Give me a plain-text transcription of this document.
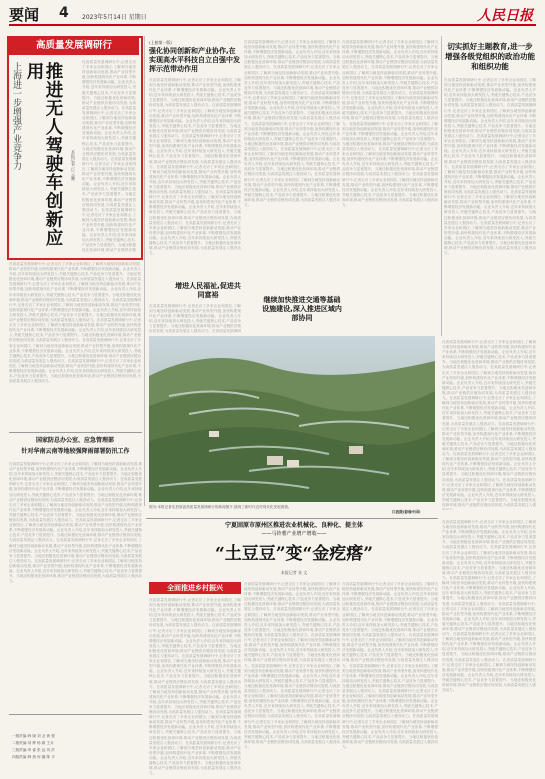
要闻 4 2023年5月14日 星期日	人民日报
高质量发展调研行
上海进一步增强产业竞争力	推进无人驾驶车创新应用
本报记者 巨 云鹏
在高质量发展调研行中,记者走访了多家企业和园区,了解到当地坚持创新驱动发展,推动产业转型升级,加快构建现代化产业体系,不断增强经济发展新动能。企业负责人介绍,近年来持续加大研发投入,突破关键核心技术,产品竞争力显著提升。当地还积极优化营商环境,推动产业链供应链协同发展,为高质量发展注入强劲动力。在高质量发展调研行中,记者走访了多家企业和园区,了解到当地坚持创新驱动发展,推动产业转型升级,加快构建现代化产业体系,不断增强经济发展新动能。企业负责人介绍,近年来持续加大研发投入,突破关键核心技术,产品竞争力显著提升。当地还积极优化营商环境,推动产业链供应链协同发展,为高质量发展注入强劲动力。在高质量发展调研行中,记者走访了多家企业和园区,了解到当地坚持创新驱动发展,推动产业转型升级,加快构建现代化产业体系,不断增强经济发展新动能。企业负责人介绍,近年来持续加大研发投入,突破关键核心技术,产品竞争力显著提升。当地还积极优化营商环境,推动产业链供应链协同发展,为高质量发展注入强劲动力。在高质量发展调研行中,记者走访了多家企业和园区,了解到当地坚持创新驱动发展,推动产业转型升级,加快构建现代化产业体系,不断增强经济发展新动能。企业负责人介绍,近年来持续加大研发投入,突破关键核心技术,产品竞争力显著提升。当地还积极优化营商环境,推动产业链供应链
在高质量发展调研行中,记者走访了多家企业和园区,了解到当地坚持创新驱动发展,推动产业转型升级,加快构建现代化产业体系,不断增强经济发展新动能。企业负责人介绍,近年来持续加大研发投入,突破关键核心技术,产品竞争力显著提升。当地还积极优化营商环境,推动产业链供应链协同发展,为高质量发展注入强劲动力。在高质量发展调研行中,记者走访了多家企业和园区,了解到当地坚持创新驱动发展,推动产业转型升级,加快构建现代化产业体系,不断增强经济发展新动能。企业负责人介绍,近年来持续加大研发投入,突破关键核心技术,产品竞争力显著提升。当地还积极优化营商环境,推动产业链供应链协同发展,为高质量发展注入强劲动力。在高质量发展调研行中,记者走访了多家企业和园区,了解到当地坚持创新驱动发展,推动产业转型升级,加快构建现代化产业体系,不断增强经济发展新动能。企业负责人介绍,近年来持续加大研发投入,突破关键核心技术,产品竞争力显著提升。当地还积极优化营商环境,推动产业链供应链协同发展,为高质量发展注入强劲动力。在高质量发展调研行中,记者走访了多家企业和园区,了解到当地坚持创新驱动发展,推动产业转型升级,加快构建现代化产业体系,不断增强经济发展新动能。企业负责人介绍,近年来持续加大研发投入,突破关键核心技术,产品竞争力显著提升。当地还积极优化营商环境,推动产业链供应链协同发展,为高质量发展注入强劲动力。在高质量发展调研行中,记者走访了多家企业和园区,了解到当地坚持创新驱动发展,推动产业转型升级,加快构建现代化产业体系,不断增强经济发展新动能。企业负责人介绍,近年来持续加大研发投入,突破关键核心技术,产品竞争力显著提升。当地还积极优化营商环境,推动产业链供应链协同发展,为高质量发展注入强劲动力。在高质量发展调研行中,记者走访了多家企业和园区,了解到当地坚持创新驱动发展,推动产业转型升级,加快构建现代化产业体系,不断增强经济发展新动能。企业负责人介绍,近年来持续加大研发投入,突破关键核心技术,产品竞争力显著提升。当地还积极优化营商环境,推动产业链供应链协同发展,为高质量发展注入强劲动力。
(上接第一版)
强化协同创新和产业协作,在实现高水平科技自立自强中发挥示范带动作用
在高质量发展调研行中,记者走访了多家企业和园区,了解到当地坚持创新驱动发展,推动产业转型升级,加快构建现代化产业体系,不断增强经济发展新动能。企业负责人介绍,近年来持续加大研发投入,突破关键核心技术,产品竞争力显著提升。当地还积极优化营商环境,推动产业链供应链协同发展,为高质量发展注入强劲动力。在高质量发展调研行中,记者走访了多家企业和园区,了解到当地坚持创新驱动发展,推动产业转型升级,加快构建现代化产业体系,不断增强经济发展新动能。企业负责人介绍,近年来持续加大研发投入,突破关键核心技术,产品竞争力显著提升。当地还积极优化营商环境,推动产业链供应链协同发展,为高质量发展注入强劲动力。在高质量发展调研行中,记者走访了多家企业和园区,了解到当地坚持创新驱动发展,推动产业转型升级,加快构建现代化产业体系,不断增强经济发展新动能。企业负责人介绍,近年来持续加大研发投入,突破关键核心技术,产品竞争力显著提升。当地还积极优化营商环境,推动产业链供应链协同发展,为高质量发展注入强劲动力。在高质量发展调研行中,记者走访了多家企业和园区,了解到当地坚持创新驱动发展,推动产业转型升级,加快构建现代化产业体系,不断增强经济发展新动能。企业负责人介绍,近年来持续加大研发投入,突破关键核心技术,产品竞争力显著提升。当地还积极优化营商环境,推动产业链供应链协同发展,为高质量发展注入强劲动力。在高质量发展调研行中,记者走访了多家企业和园区,了解到当地坚持创新驱动发展,推动产业转型升级,加快构建现代化产业体系,不断增强经济发展新动能。企业负责人介绍,近年来持续加大研发投入,突破关键核心技术,产品竞争力显著提升。当地还积极优化营商环境,推动产业链供应链协同发展,为高质量发展注入强劲动力。在高质量发展调研行中,记者走访了多家企业和园区,了解到当地坚持创新驱动发展,推动产业转型升级,加快构建现代化产业体系,不断增强经济发展新动能。企业负责人介绍,近年来持续加大研发投入,突破关键核心技术,产品竞争力显著提升。当地还积极优化营商环境,推动产业链供应链协同发展,为高质量发展注入强劲动力。
增进人民福祉,促进共同富裕
在高质量发展调研行中,记者走访了多家企业和园区,了解到当地坚持创新驱动发展,推动产业转型升级,加快构建现代化产业体系,不断增强经济发展新动能。企业负责人介绍,近年来持续加大研发投入,突破关键核心技术,产品竞争力显著提升。当地还积极优化营商环境,推动产业链供应链协同发展,为高质量发展注入强劲动力。在高质量发展调研
在高质量发展调研行中,记者走访了多家企业和园区,了解到当地坚持创新驱动发展,推动产业转型升级,加快构建现代化产业体系,不断增强经济发展新动能。企业负责人介绍,近年来持续加大研发投入,突破关键核心技术,产品竞争力显著提升。当地还积极优化营商环境,推动产业链供应链协同发展,为高质量发展注入强劲动力。在高质量发展调研行中,记者走访了多家企业和园区,了解到当地坚持创新驱动发展,推动产业转型升级,加快构建现代化产业体系,不断增强经济发展新动能。企业负责人介绍,近年来持续加大研发投入,突破关键核心技术,产品竞争力显著提升。当地还积极优化营商环境,推动产业链供应链协同发展,为高质量发展注入强劲动力。在高质量发展调研行中,记者走访了多家企业和园区,了解到当地坚持创新驱动发展,推动产业转型升级,加快构建现代化产业体系,不断增强经济发展新动能。企业负责人介绍,近年来持续加大研发投入,突破关键核心技术,产品竞争力显著提升。当地还积极优化营商环境,推动产业链供应链协同发展,为高质量发展注入强劲动力。在高质量发展调研行中,记者走访了多家企业和园区,了解到当地坚持创新驱动发展,推动产业转型升级,加快构建现代化产业体系,不断增强经济发展新动能。企业负责人介绍,近年来持续加大研发投入,突破关键核心技术,产品竞争力显著提升。当地还积极优化营商环境,推动产业链供应链协同发展,为高质量发展注入强劲动力。在高质量发展调研行中,记者走访了多家企业和园区,了解到当地坚持创新驱动发展,推动产业转型升级,加快构建现代化产业体系,不断增强经济发展新动能。企业负责人介绍,近年来持续加大研发投入,突破关键核心技术,产品竞争力显著提升。当地还积极优化营商环境,推动产业链供应链协同发展,为高质量发展注入强劲动力。在高质量发展调研行中,记者走访了多家企业和园区,了解到当地坚持创新驱动发展,推动产业转型升级,加快构建现代化产业体系,不断增强经济发展新动能。企业负责人介绍,近年来持续加大研发投入,突破关键核心技术,产品竞争力显著提升。当地还积极优化营商环境,推动产业链供应链协同发展,为高质量发展注入强劲动力。
继续加快推进交通等基础设施建设,深入推进区域内部协同
在高质量发展调研行中,记者走访了多家企业和园区,了解到当地坚持创新驱动发展,推动产业转型升级,加快构建现代化产业体系,不断增强经济发展新动能。企业负责人介绍,近年来持续加大研发投入,突破关键核心技术,产品竞争力显著提升。当地还积极优化营商环境,推动产业链供应链协同发展,为高质量发展注入强劲动力。在高质量发展调研行中,记者走访了多家企业和园区,了解到当地坚持创新驱动发展,推动产业转型升级,加快构建现代化产业体系,不断增强经济发展新动能。企业负责人介绍,近年来持续加大研发投入,突破关键核心技术,产品竞争力显著提升。当地还积极优化营商环境,推动产业链供应链协同发展,为高质量发展注入强劲动力。在高质量发展调研行中,记者走访了多家企业和园区,了解到当地坚持创新驱动发展,推动产业转型升级,加快构建现代化产业体系,不断增强经济发展新动能。企业负责人介绍,近年来持续加大研发投入,突破关键核心技术,产品竞争力显著提升。当地还积极优化营商环境,推动产业链供应链协同发展,为高质量发展注入强劲动力。在高质量发展调研行中,记者走访了多家企业和园区,了解到当地坚持创新驱动发展,推动产业转型升级,加快构建现代化产业体系,不断增强经济发展新动能。企业负责人介绍,近年来持续加大研发投入,突破关键核心技术,产品竞争力显著提升。当地还积极优化营商环境,推动产业链供应链协同发展,为高质量发展注入强劲动力。在高质量发展调研行中,记者走访了多家企业和园区,了解到当地坚持创新驱动发展,推动产业转型升级,加快构建现代化产业体系,不断增强经济发展新动能。企业负责人介绍,近年来持续加大研发投入,突破关键核心技术,产品竞争力显著提升。当地还积极优化营商环境,推动产业链供应链协同发展,为高质量发展注入强劲动力。在高质量发展调研行中,记者走访了多家企业和园区,了解到当地坚持创新驱动发展,推动产业转型升级,加快构建现代化产业体系,不断增强经济发展新动能。企业负责人介绍,近年来持续加大研发投入,突破关键核心技术,产品竞争力显著提升。当地还积极优化营商环境,推动产业链供应链协同发展,为高质量发展注入强劲动力。
切实抓好主题教育,进一步增强各级党组织的政治功能和组织功能
在高质量发展调研行中,记者走访了多家企业和园区,了解到当地坚持创新驱动发展,推动产业转型升级,加快构建现代化产业体系,不断增强经济发展新动能。企业负责人介绍,近年来持续加大研发投入,突破关键核心技术,产品竞争力显著提升。当地还积极优化营商环境,推动产业链供应链协同发展,为高质量发展注入强劲动力。在高质量发展调研行中,记者走访了多家企业和园区,了解到当地坚持创新驱动发展,推动产业转型升级,加快构建现代化产业体系,不断增强经济发展新动能。企业负责人介绍,近年来持续加大研发投入,突破关键核心技术,产品竞争力显著提升。当地还积极优化营商环境,推动产业链供应链协同发展,为高质量发展注入强劲动力。在高质量发展调研行中,记者走访了多家企业和园区,了解到当地坚持创新驱动发展,推动产业转型升级,加快构建现代化产业体系,不断增强经济发展新动能。企业负责人介绍,近年来持续加大研发投入,突破关键核心技术,产品竞争力显著提升。当地还积极优化营商环境,推动产业链供应链协同发展,为高质量发展注入强劲动力。在高质量发展调研行中,记者走访了多家企业和园区,了解到当地坚持创新驱动发展,推动产业转型升级,加快构建现代化产业体系,不断增强经济发展新动能。企业负责人介绍,近年来持续加大研发投入,突破关键核心技术,产品竞争力显著提升。当地还积极优化营商环境,推动产业链供应链协同发展,为高质量发展注入强劲动力。在高质量发展调研行中,记者走访了多家企业和园区,了解到当地坚持创新驱动发展,推动产业转型升级,加快构建现代化产业体系,不断增强经济发展新动能。企业负责人介绍,近年来持续加大研发投入,突破关键核心技术,产品竞争力显著提升。当地还积极优化营商环境,推动产业链供应链协同发展,为高质量发展注入强劲动力。在高质量发展调研行中,记者走访了多家企业和园区,了解到当地坚持创新驱动发展,推动产业转型升级,加快构建现代化产业体系,不断增强经济发展新动能。企业负责人介绍,近年来持续加大研发投入,突破关键核心技术,产品竞争力显著提升。当地还积极优化营商环境,推动产业链供应链协同发展,为高质量发展注入强劲动力。
图为:本报记者实拍原创高质量发展调研行的新闻图片,展现了新时代农村现代化发展面貌。
江波摄(影像中国)
在高质量发展调研行中,记者走访了多家企业和园区,了解到当地坚持创新驱动发展,推动产业转型升级,加快构建现代化产业体系,不断增强经济发展新动能。企业负责人介绍,近年来持续加大研发投入,突破关键核心技术,产品竞争力显著提升。当地还积极优化营商环境,推动产业链供应链协同发展,为高质量发展注入强劲动力。在高质量发展调研行中,记者走访了多家企业和园区,了解到当地坚持创新驱动发展,推动产业转型升级,加快构建现代化产业体系,不断增强经济发展新动能。企业负责人介绍,近年来持续加大研发投入,突破关键核心技术,产品竞争力显著提升。当地还积极优化营商环境,推动产业链供应链协同发展,为高质量发展注入强劲动力。在高质量发展调研行中,记者走访了多家企业和园区,了解到当地坚持创新驱动发展,推动产业转型升级,加快构建现代化产业体系,不断增强经济发展新动能。企业负责人介绍,近年来持续加大研发投入,突破关键核心技术,产品竞争力显著提升。当地还积极优化营商环境,推动产业链供应链协同发展,为高质量发展注入强劲动力。在高质量发展调研行中,记者走访了多家企业和园区,了解到当地坚持创新驱动发展,推动产业转型升级,加快构建现代化产业体系,不断增强经济发展新动能。企业负责人介绍,近年来持续加大研发投入,突破关键核心技术,产品竞争力显著提升。当地还积极优化营商环境,推动产业链供应链协同发展,为高质量发展注入强劲动力。在高质量发展调研行中,记者走访了多家企业和园区,了解到当地坚持创新驱动发展,推动产业转型升级,加快构建现代化产业体系,不断增强经济发展新动能。企业负责人介绍,近年来持续加大研发投入,突破关键核心技术,产品竞争力显著提升。当地还积极优化营商环境,推动产业链供应链协同发展,为高质量发展注入强劲动力。在高质量发展调研行中,记者走访了多家企业和园区,了解到当地坚持创新驱动发展,推动产业转型升级,加快构建现代化产业体系,不断增强经济发展新动能。企业负责人介绍,近年来持续加大研发投入,突破关键核心技术,产品竞争力显著提升。当地还积极优化营商环境,推动产业链供应链协同发展,为高质量发展注入强
在高质量发展调研行中,记者走访了多家企业和园区,了解到当地坚持创新驱动发展,推动产业转型升级,加快构建现代化产业体系,不断增强经济发展新动能。企业负责人介绍,近年来持续加大研发投入,突破关键核心技术,产品竞争力显著提升。当地还积极优化营商环境,推动产业链供应链协同发展,为高质量发展注入强劲动力。在高质量发展调研行中,记者走访了多家企业和园区,了解到当地坚持创新驱动发展,推动产业转型升级,加快构建现代化产业体系,不断增强经济发展新动能。企业负责人介绍,近年来持续加大研发投入,突破关键核心技术,产品竞争力显著提升。当地还积极优化营商环境,推动产业链供应链协同发展,为高质量发展注入强劲动力。在高质量发展调研行中,记者走访了多家企业和园区,了解到当地坚持创新驱动发展,推动产业转型升级,加快构建现代化产业体系,不断增强经济发展新动能。企业负责人介绍,近年来持续加大研发投入,突破关键核心技术,产品竞争力显著提升。当地还积极优化营商环境,推动产业链供应链协同发展,为高质量发展注入强劲动力。在高质量发展调研行中,记者走访了多家企业和园区,了解到当地坚持创新驱动发展,推动产业转型升级,加快构建现代化产业体系,不断增强经济发展新动能。企业负责人介绍,近年来持续加大研发投入,突破关键核心技术,产品竞争力显著提升。当地还积极优化营商环境,推动产业链供应链协同发展,为高质量发展注入强劲动力。在高质量发展调研行中,记者走访了多家企业和园区,了解到当地坚持创新驱动发展,推动产业转型升级,加快构建现代化产业体系,不断增强经济发展新动能。企业负责人介绍,近年来持续加大研发投入,突破关键核心技术,产品竞争力显著提升。当地还积极优化营商环境,推动产业链供应链协同发展,为高质量发展注入强劲动力。在高质量发展调研行中,记者走访了多家企业和园区,了解到当地坚持创新驱动发展,推动产业转型升级,加快构建现代化产业体系,不断增强经济发展新动能。企业负责人介绍,近年来持续加大研发投入,突破关键核心技术,产品竞争力显著提升。当地还积极优化营商环境,推动产业链供应链协同发展,为高质量发展注入强劲动力。
国家防总办公室、应急管理部
针对华南云南等地较强降雨部署防汛工作
在高质量发展调研行中,记者走访了多家企业和园区,了解到当地坚持创新驱动发展,推动产业转型升级,加快构建现代化产业体系,不断增强经济发展新动能。企业负责人介绍,近年来持续加大研发投入,突破关键核心技术,产品竞争力显著提升。当地还积极优化营商环境,推动产业链供应链协同发展,为高质量发展注入强劲动力。在高质量发展调研行中,记者走访了多家企业和园区,了解到当地坚持创新驱动发展,推动产业转型升级,加快构建现代化产业体系,不断增强经济发展新动能。企业负责人介绍,近年来持续加大研发投入,突破关键核心技术,产品竞争力显著提升。当地还积极优化营商环境,推动产业链供应链协同发展,为高质量发展注入强劲动力。在高质量发展调研行中,记者走访了多家企业和园区,了解到当地坚持创新驱动发展,推动产业转型升级,加快构建现代化产业体系,不断增强经济发展新动能。企业负责人介绍,近年来持续加大研发投入,突破关键核心技术,产品竞争力显著提升。当地还积极优化营商环境,推动产业链供应链协同发展,为高质量发展注入强劲动力。在高质量发展调研行中,记者走访了多家企业和园区,了解到当地坚持创新驱动发展,推动产业转型升级,加快构建现代化产业体系,不断增强经济发展新动能。企业负责人介绍,近年来持续加大研发投入,突破关键核心技术,产品竞争力显著提升。当地还积极优化营商环境,推动产业链供应链协同发展,为高质量发展注入强劲动力。在高质量发展调研行中,记者走访了多家企业和园区,了解到当地坚持创新驱动发展,推动产业转型升级,加快构建现代化产业体系,不断增强经济发展新动能。企业负责人介绍,近年来持续加大研发投入,突破关键核心技术,产品竞争力显著提升。当地还积极优化营商环境,推动产业链供应链协同发展,为高质量发展注入强劲动力。在高质量发展调研行中,记者走访了多家企业和园区,了解到当地坚持创新驱动发展,推动产业转型升级,加快构建现代化产业体系,不断增强经济发展新动能。企业负责人介绍,近年来持续加大研发投入,突破关键核心技术,产品竞争力显著提升。当地还积极优化营商环境,推动产业链供应链协同发展,为高质量发展注入强劲动力。
一版责编:韩 晓 刘 念 黄 强
二版责编:刘 辉 杨 颖 王卉
三版责编:李 睿 张 远 刘 洪
四版责编:韩 晨 何 璐 陈 平
宁夏固原市原州区推进农业机械化、良种化、提主体
——马铃薯产业增产增收——
“土豆豆”变“金疙瘩”
本报记者 张 文
全面推进乡村振兴
在高质量发展调研行中,记者走访了多家企业和园区,了解到当地坚持创新驱动发展,推动产业转型升级,加快构建现代化产业体系,不断增强经济发展新动能。企业负责人介绍,近年来持续加大研发投入,突破关键核心技术,产品竞争力显著提升。当地还积极优化营商环境,推动产业链供应链协同发展,为高质量发展注入强劲动力。在高质量发展调研行中,记者走访了多家企业和园区,了解到当地坚持创新驱动发展,推动产业转型升级,加快构建现代化产业体系,不断增强经济发展新动能。企业负责人介绍,近年来持续加大研发投入,突破关键核心技术,产品竞争力显著提升。当地还积极优化营商环境,推动产业链供应链协同发展,为高质量发展注入强劲动力。在高质量发展调研行中,记者走访了多家企业和园区,了解到当地坚持创新驱动发展,推动产业转型升级,加快构建现代化产业体系,不断增强经济发展新动能。企业负责人介绍,近年来持续加大研发投入,突破关键核心技术,产品竞争力显著提升。当地还积极优化营商环境,推动产业链供应链协同发展,为高质量发展注入强劲动力。在高质量发展调研行中,记者走访了多家企业和园区,了解到当地坚持创新驱动发展,推动产业转型升级,加快构建现代化产业体系,不断增强经济发展新动能。企业负责人介绍,近年来持续加大研发投入,突破关键核心技术,产品竞争力显著提升。当地还积极优化营商环境,推动产业链供应链协同发展,为高质量发展注入强劲动力。在高质量发展调研行中,记者走访了多家企业和园区,了解到当地坚持创新驱动发展,推动产业转型升级,加快构建现代化产业体系,不断增强经济发展新动能。企业负责人介绍,近年来持续加大研发投入,突破关键核心技术,产品竞争力显著提升。当地还积极优化营商环境,推动产业链供应链协同发展,为高质量发展注入强劲动力。在高质量发展调研行中,记者走访了多家企业和园区,了解到当地坚持创新驱动发展,推动产业转型升级,加快构建现代化产业体系,不断增强经济发展新动能。企业负责人介绍,近年来持续加大研发投入,突破关键核心技术,产品竞争力显著提升。当地还积极优化营商环境,推动产业链供应链协同发展,为高质量发展注入强劲动力。
在高质量发展调研行中,记者走访了多家企业和园区,了解到当地坚持创新驱动发展,推动产业转型升级,加快构建现代化产业体系,不断增强经济发展新动能。企业负责人介绍,近年来持续加大研发投入,突破关键核心技术,产品竞争力显著提升。当地还积极优化营商环境,推动产业链供应链协同发展,为高质量发展注入强劲动力。在高质量发展调研行中,记者走访了多家企业和园区,了解到当地坚持创新驱动发展,推动产业转型升级,加快构建现代化产业体系,不断增强经济发展新动能。企业负责人介绍,近年来持续加大研发投入,突破关键核心技术,产品竞争力显著提升。当地还积极优化营商环境,推动产业链供应链协同发展,为高质量发展注入强劲动力。在高质量发展调研行中,记者走访了多家企业和园区,了解到当地坚持创新驱动发展,推动产业转型升级,加快构建现代化产业体系,不断增强经济发展新动能。企业负责人介绍,近年来持续加大研发投入,突破关键核心技术,产品竞争力显著提升。当地还积极优化营商环境,推动产业链供应链协同发展,为高质量发展注入强劲动力。在高质量发展调研行中,记者走访了多家企业和园区,了解到当地坚持创新驱动发展,推动产业转型升级,加快构建现代化产业体系,不断增强经济发展新动能。企业负责人介绍,近年来持续加大研发投入,突破关键核心技术,产品竞争力显著提升。当地还积极优化营商环境,推动产业链供应链协同发展,为高质量发展注入强劲动力。在高质量发展调研行中,记者走访了多家企业和园区,了解到当地坚持创新驱动发展,推动产业转型升级,加快构建现代化产业体系,不断增强经济发展新动能。企业负责人介绍,近年来持续加大研发投入,突破关键核心技术,产品竞争力显著提升。当地还积极优化营商环境,推动产业链供应链协同发展,为高质量发展注入强劲动力。在高质量发展调研行中,记者走访了多家企业和园区,了解到当地坚持创新驱动发展,推动产业转型升级,加快构建现代化产业体系,不断增强经济发展新动能。企业负责人介绍,近年来持续加大研发投入,突破关键核心技术,产品竞争力显著提升。当地还积极优化营商环境,推动产业链供应链协同发展,为高质量发展注入强劲动力。
在高质量发展调研行中,记者走访了多家企业和园区,了解到当地坚持创新驱动发展,推动产业转型升级,加快构建现代化产业体系,不断增强经济发展新动能。企业负责人介绍,近年来持续加大研发投入,突破关键核心技术,产品竞争力显著提升。当地还积极优化营商环境,推动产业链供应链协同发展,为高质量发展注入强劲动力。在高质量发展调研行中,记者走访了多家企业和园区,了解到当地坚持创新驱动发展,推动产业转型升级,加快构建现代化产业体系,不断增强经济发展新动能。企业负责人介绍,近年来持续加大研发投入,突破关键核心技术,产品竞争力显著提升。当地还积极优化营商环境,推动产业链供应链协同发展,为高质量发展注入强劲动力。在高质量发展调研行中,记者走访了多家企业和园区,了解到当地坚持创新驱动发展,推动产业转型升级,加快构建现代化产业体系,不断增强经济发展新动能。企业负责人介绍,近年来持续加大研发投入,突破关键核心技术,产品竞争力显著提升。当地还积极优化营商环境,推动产业链供应链协同发展,为高质量发展注入强劲动力。在高质量发展调研行中,记者走访了多家企业和园区,了解到当地坚持创新驱动发展,推动产业转型升级,加快构建现代化产业体系,不断增强经济发展新动能。企业负责人介绍,近年来持续加大研发投入,突破关键核心技术,产品竞争力显著提升。当地还积极优化营商环境,推动产业链供应链协同发展,为高质量发展注入强劲动力。在高质量发展调研行中,记者走访了多家企业和园区,了解到当地坚持创新驱动发展,推动产业转型升级,加快构建现代化产业体系,不断增强经济发展新动能。企业负责人介绍,近年来持续加大研发投入,突破关键核心技术,产品竞争力显著提升。当地还积极优化营商环境,推动产业链供应链协同发展,为高质量发展注入强劲动力。在高质量发展调研行中,记者走访了多家企业和园区,了解到当地坚持创新驱动发展,推动产业转型升级,加快构建现代化产业体系,不断增强经济发展新动能。企业负责人介绍,近年来持续加大研发投入,突破关键核心技术,产品竞争力显著提升。当地还积极优化营商环境,推动产业链供应链协同发展,为高质量发展注入强劲动力。
